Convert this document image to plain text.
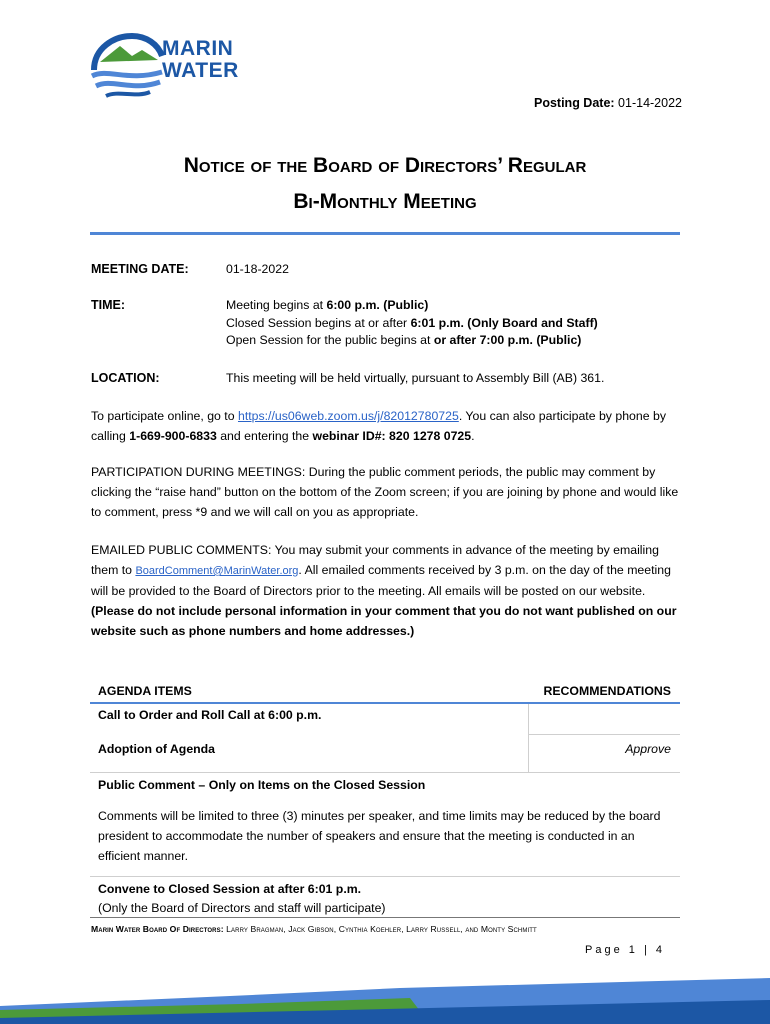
MARIN
WATER
Posting Date: 01-14-2022
Notice of the Board of Directors’ Regular
Bi-Monthly Meeting
MEETING DATE:	01-18-2022
TIME:	Meeting begins at 6:00 p.m. (Public)
Closed Session begins at or after 6:01 p.m. (Only Board and Staff)
Open Session for the public begins at or after 7:00 p.m. (Public)
LOCATION:	This meeting will be held virtually, pursuant to Assembly Bill (AB) 361.
To participate online, go to https://us06web.zoom.us/j/82012780725. You can also participate by phone by calling 1-669-900-6833 and entering the webinar ID#: 820 1278 0725.
PARTICIPATION DURING MEETINGS: During the public comment periods, the public may comment by clicking the “raise hand” button on the bottom of the Zoom screen; if you are joining by phone and would like to comment, press *9 and we will call on you as appropriate.
EMAILED PUBLIC COMMENTS: You may submit your comments in advance of the meeting by emailing them to BoardComment@MarinWater.org. All emailed comments received by 3 p.m. on the day of the meeting will be provided to the Board of Directors prior to the meeting. All emails will be posted on our website. (Please do not include personal information in your comment that you do not want published on our website such as phone numbers and home addresses.)
AGENDA ITEMS	RECOMMENDATIONS
Call to Order and Roll Call at 6:00 p.m.
Adoption of Agenda	Approve
Public Comment – Only on Items on the Closed Session
Comments will be limited to three (3) minutes per speaker, and time limits may be reduced by the board president to accommodate the number of speakers and ensure that the meeting is conducted in an efficient manner.
Convene to Closed Session at after 6:01 p.m.
(Only the Board of Directors and staff will participate)
Marin Water Board Of Directors: Larry Bragman, Jack Gibson, Cynthia Koehler, Larry Russell, and Monty Schmitt
Page 1 | 4
